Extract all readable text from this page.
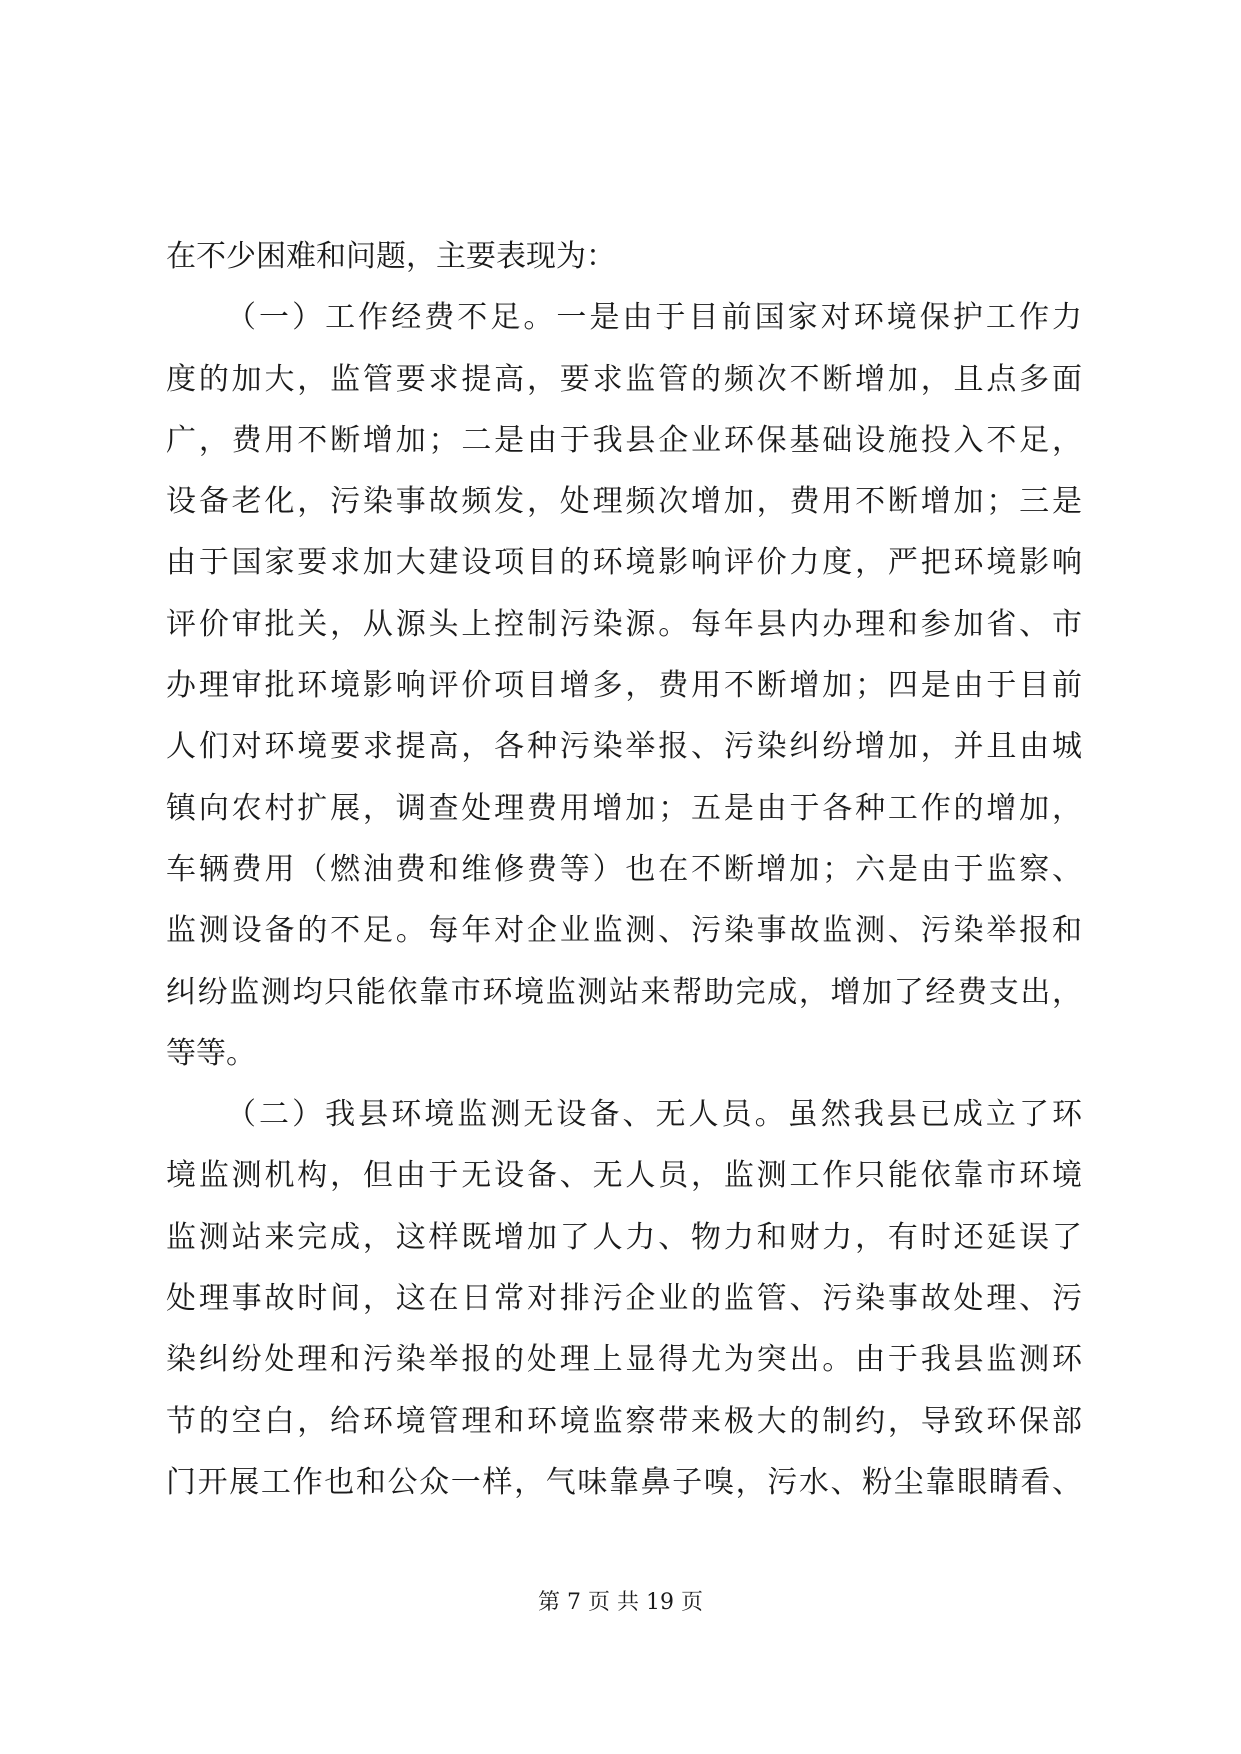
在不少困难和问题，主要表现为：
（一）工作经费不足。一是由于目前国家对环境保护工作力
度的加大，监管要求提高，要求监管的频次不断增加，且点多面
广，费用不断增加；二是由于我县企业环保基础设施投入不足，
设备老化，污染事故频发，处理频次增加，费用不断增加；三是
由于国家要求加大建设项目的环境影响评价力度，严把环境影响
评价审批关，从源头上控制污染源。每年县内办理和参加省、市
办理审批环境影响评价项目增多，费用不断增加；四是由于目前
人们对环境要求提高，各种污染举报、污染纠纷增加，并且由城
镇向农村扩展，调查处理费用增加；五是由于各种工作的增加，
车辆费用（燃油费和维修费等）也在不断增加；六是由于监察、
监测设备的不足。每年对企业监测、污染事故监测、污染举报和
纠纷监测均只能依靠市环境监测站来帮助完成，增加了经费支出，
等等。
（二）我县环境监测无设备、无人员。虽然我县已成立了环
境监测机构，但由于无设备、无人员，监测工作只能依靠市环境
监测站来完成，这样既增加了人力、物力和财力，有时还延误了
处理事故时间，这在日常对排污企业的监管、污染事故处理、污
染纠纷处理和污染举报的处理上显得尤为突出。由于我县监测环
节的空白，给环境管理和环境监察带来极大的制约，导致环保部
门开展工作也和公众一样，气味靠鼻子嗅，污水、粉尘靠眼睛看、
第 7 页 共 19 页
